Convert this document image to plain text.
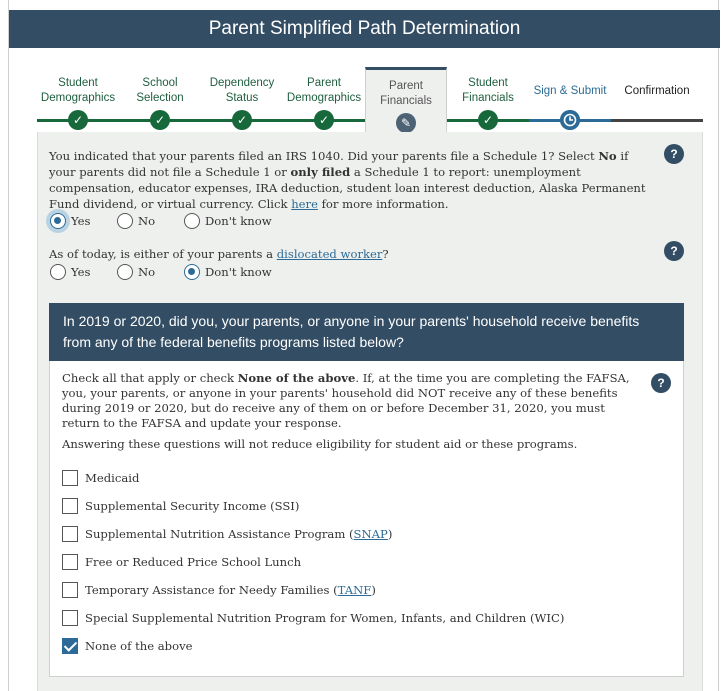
Parent Simplified Path Determination
Student Demographics
✓
School Selection
✓
Dependency Status
✓
Parent Demographics
✓
Parent Financials
✎
Student Financials
✓
Sign & Submit	Confirmation
You indicated that your parents filed an IRS 1040. Did your parents file a Schedule 1? Select No if your parents did not file a Schedule 1 or only filed a Schedule 1 to report: unemployment compensation, educator expenses, IRA deduction, student loan interest deduction, Alaska Permanent Fund dividend, or virtual currency. Click here for more information.
?
Yes	No	Don't know
As of today, is either of your parents a dislocated worker?	?
Yes	No	Don't know
In 2019 or 2020, did you, your parents, or anyone in your parents' household receive benefits from any of the federal benefits programs listed below?
Check all that apply or check None of the above. If, at the time you are completing the FAFSA, you, your parents, or anyone in your parents' household did NOT receive any of these benefits during 2019 or 2020, but do receive any of them on or before December 31, 2020, you must return to the FAFSA and update your response.
?
Answering these questions will not reduce eligibility for student aid or these programs.
Medicaid
Supplemental Security Income (SSI)
Supplemental Nutrition Assistance Program ( SNAP )
Free or Reduced Price School Lunch
Temporary Assistance for Needy Families ( TANF )
Special Supplemental Nutrition Program for Women, Infants, and Children (WIC)
None of the above
